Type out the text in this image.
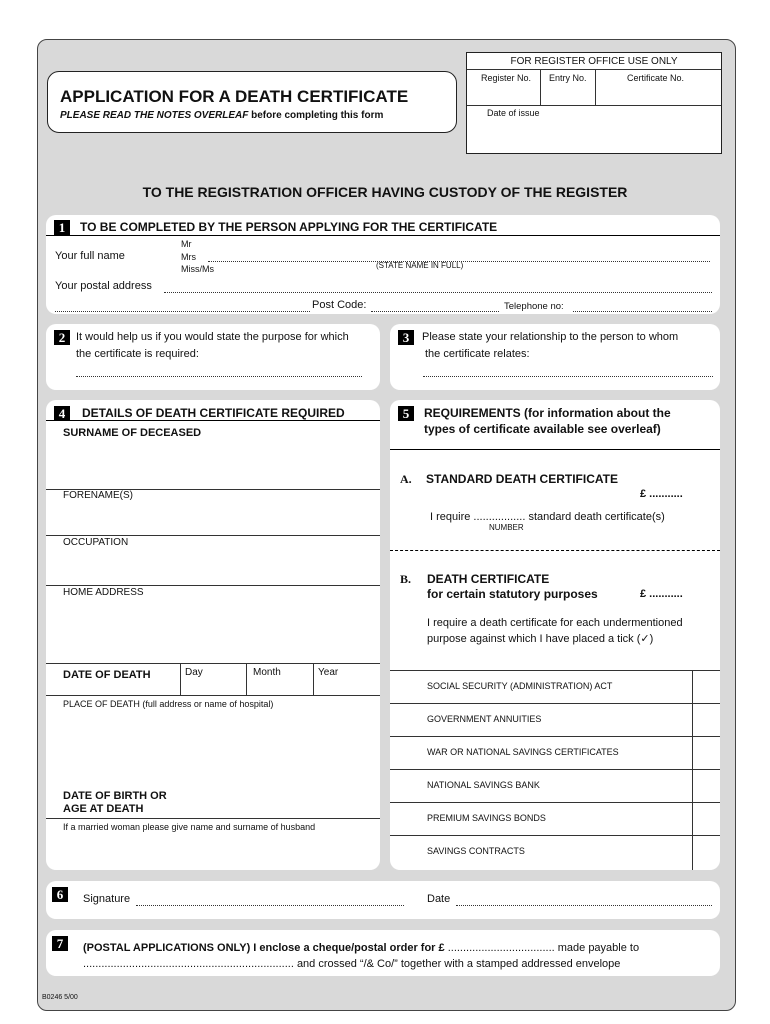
APPLICATION FOR A DEATH CERTIFICATE
PLEASE READ THE NOTES OVERLEAF before completing this form
FOR REGISTER OFFICE USE ONLY
Register No. Entry No.	Certificate No.
Date of issue
TO THE REGISTRATION OFFICER HAVING CUSTODY OF THE REGISTER
1	TO BE COMPLETED BY THE PERSON APPLYING FOR THE CERTIFICATE
Your full name
Mr
Mrs
Miss/Ms	(STATE NAME IN FULL)
Your postal address
Post Code:	Telephone no:
2 It would help us if you would state the purpose for which
the certificate is required:
3	Please state your relationship to the person to whom
the certificate relates:
4	DETAILS OF DEATH CERTIFICATE REQUIRED
SURNAME OF DECEASED
FORENAME(S)
OCCUPATION
HOME ADDRESS
DATE OF DEATH	Day	Month	Year
PLACE OF DEATH (full address or name of hospital)
DATE OF BIRTH OR
AGE AT DEATH
If a married woman please give name and surname of husband
5	REQUIREMENTS (for information about the
types of certificate available see overleaf)
A. STANDARD DEATH CERTIFICATE
£ ...........
I require ................. standard death certificate(s)
NUMBER
B. DEATH CERTIFICATE
for certain statutory purposes	£ ...........
I require a death certificate for each undermentioned
purpose against which I have placed a tick (✓)
SOCIAL SECURITY (ADMINISTRATION) ACT
GOVERNMENT ANNUITIES
WAR OR NATIONAL SAVINGS CERTIFICATES
NATIONAL SAVINGS BANK
PREMIUM SAVINGS BONDS
SAVINGS CONTRACTS
6	Signature	Date
7	(POSTAL APPLICATIONS ONLY) I enclose a cheque/postal order for £ ................................... made payable to
..................................................................... and crossed “/& Co/” together with a stamped addressed envelope
B0246 5/00
